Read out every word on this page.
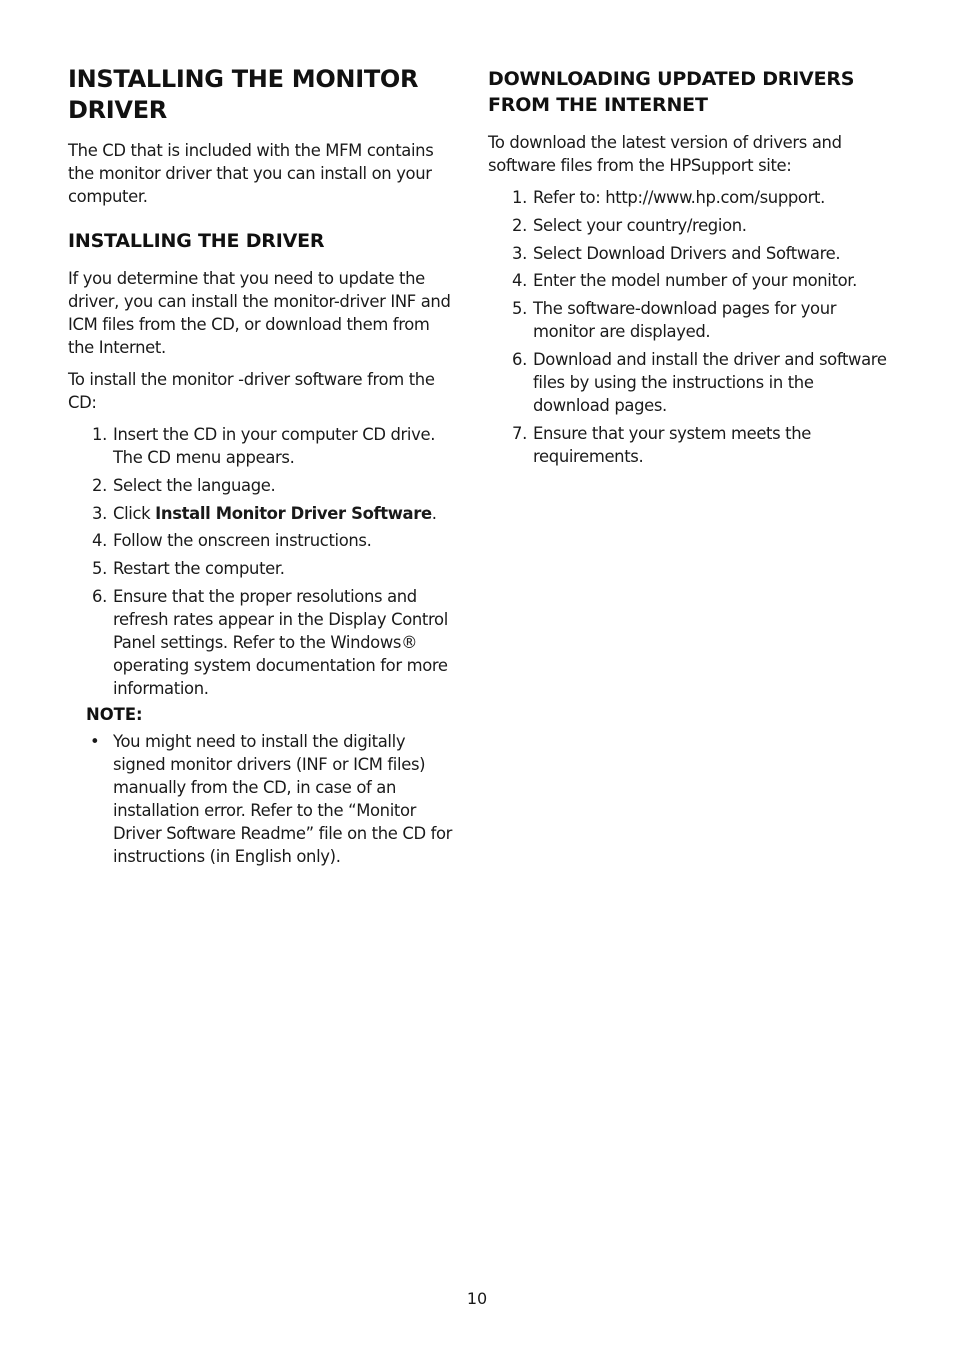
INSTALLING THE MONITOR DRIVER

The CD that is included with the MFM contains the monitor driver that you can install on your computer.

INSTALLING THE DRIVER

If you determine that you need to update the driver, you can install the monitor-driver INF and ICM files from the CD, or download them from the Internet.

To install the monitor -driver software from the CD:

1. Insert the CD in your computer CD drive. The CD menu appears.
2. Select the language.
3. Click Install Monitor Driver Software.
4. Follow the onscreen instructions.
5. Restart the computer.
6. Ensure that the proper resolutions and refresh rates appear in the Display Control Panel settings. Refer to the Windows® operating system documentation for more information.
NOTE:
• You might need to install the digitally signed monitor drivers (INF or ICM files) manually from the CD, in case of an installation error. Refer to the “Monitor Driver Software Readme” file on the CD for instructions (in English only).
DOWNLOADING UPDATED DRIVERS FROM THE INTERNET

To download the latest version of drivers and software files from the HPSupport site:

1. Refer to: http://www.hp.com/support.
2. Select your country/region.
3. Select Download Drivers and Software.
4. Enter the model number of your monitor.
5. The software-download pages for your monitor are displayed.
6. Download and install the driver and software files by using the instructions in the download pages.
7. Ensure that your system meets the requirements.
10
